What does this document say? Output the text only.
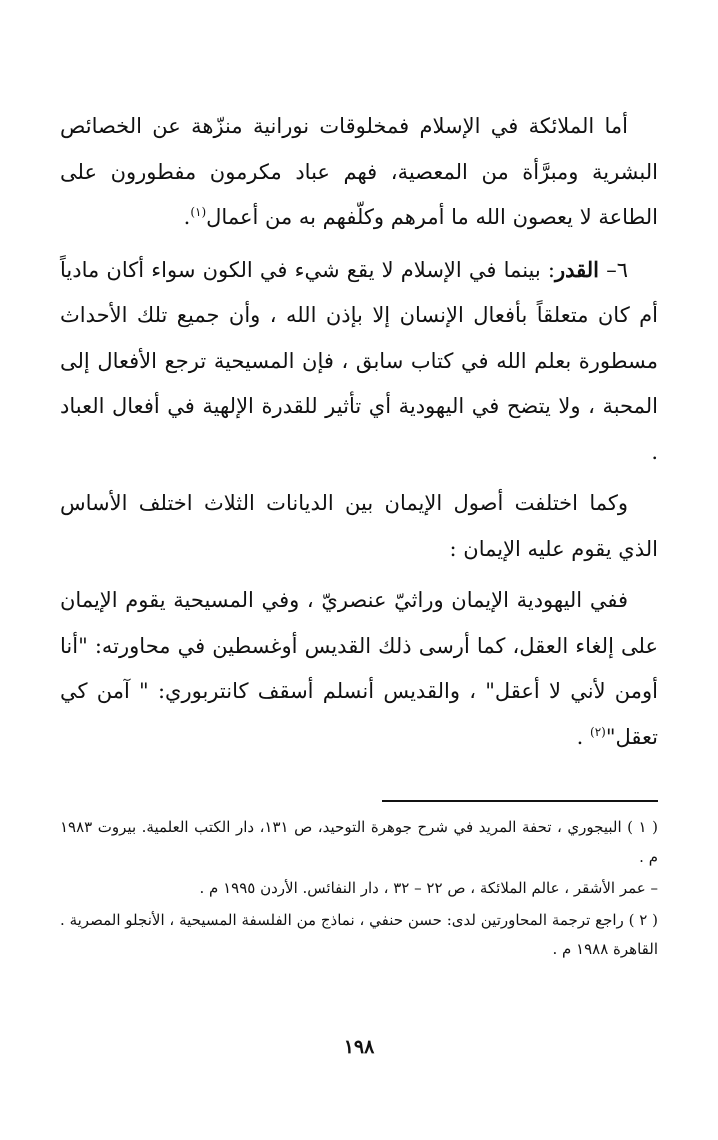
أما الملائكة في الإسلام فمخلوقات نورانية منزّهة عن الخصائص البشرية ومبرَّأة من المعصية، فهم عباد مكرمون مفطورون على الطاعة لا يعصون الله ما أمرهم وكلّفهم به من أعمال$^{(١)}$.

٦– القدر: بينما في الإسلام لا يقع شيء في الكون سواء أكان مادياً أم كان متعلقاً بأفعال الإنسان إلا بإذن الله ، وأن جميع تلك الأحداث مسطورة بعلم الله في كتاب سابق ، فإن المسيحية ترجع الأفعال إلى المحبة ، ولا يتضح في اليهودية أي تأثير للقدرة الإلهية في أفعال العباد .

وكما اختلفت أصول الإيمان بين الديانات الثلاث اختلف الأساس الذي يقوم عليه الإيمان :

ففي اليهودية الإيمان وراثيّ عنصريّ ، وفي المسيحية يقوم الإيمان على إلغاء العقل، كما أرسى ذلك القديس أوغسطين في محاورته: "أنا أومن لأني لا أعقل" ، والقديس أنسلم أسقف كانتربوري: " آمن كي تعقل"$^{(٢)}$ .

( ١ ) البيجوري ، تحفة المريد في شرح جوهرة التوحيد، ص ١٣١، دار الكتب العلمية. بيروت ١٩٨٣ م .

– عمر الأشقر ، عالم الملائكة ، ص ٢٢ – ٣٢ ، دار النفائس. الأردن ١٩٩٥ م .

( ٢ ) راجع ترجمة المحاورتين لدى: حسن حنفي ، نماذج من الفلسفة المسيحية ، الأنجلو المصرية . القاهرة ١٩٨٨ م .

١٩٨
